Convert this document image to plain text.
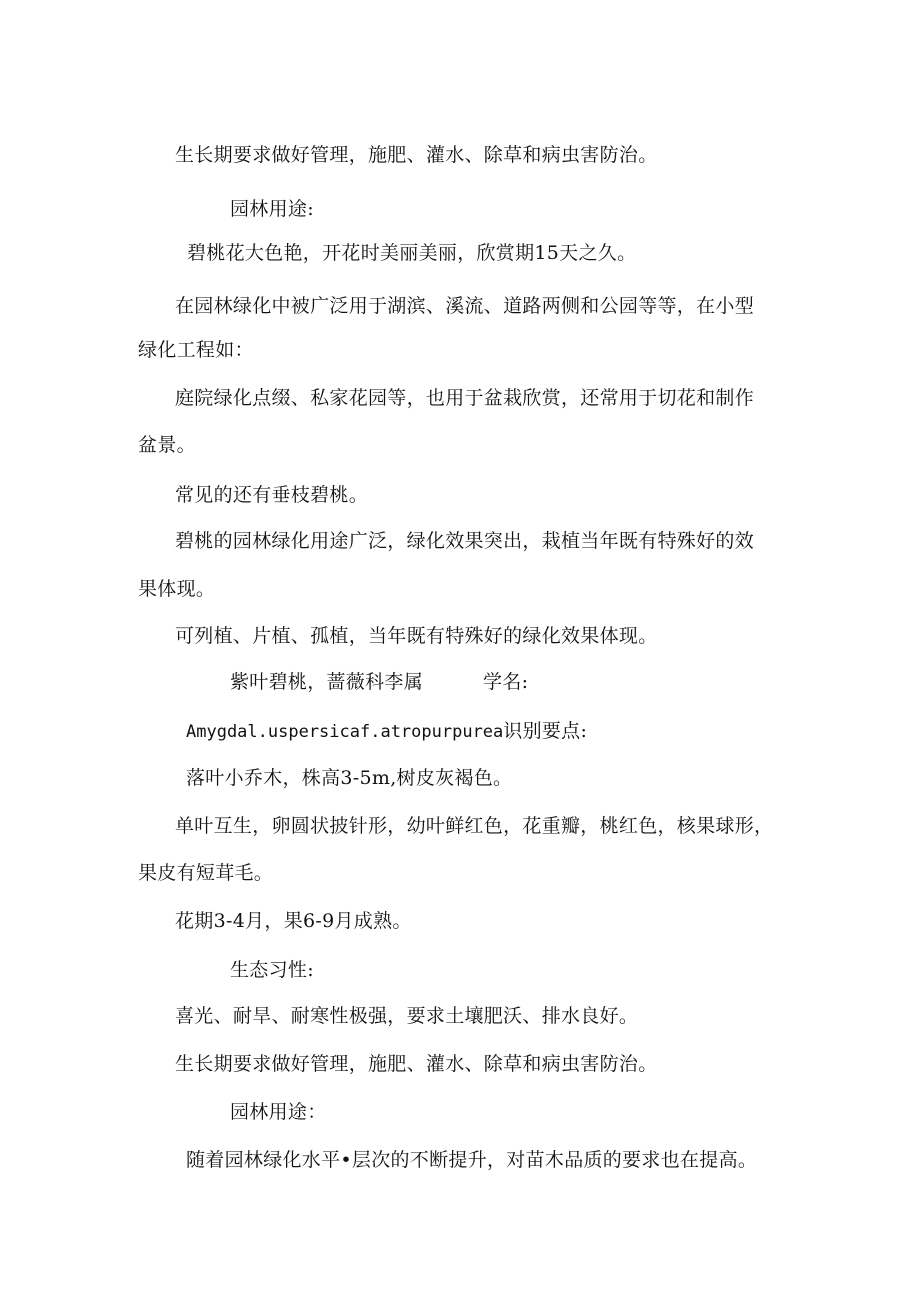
生长期要求做好管理，施肥、灌水、除草和病虫害防治。
园林用途:
碧桃花大色艳，开花时美丽美丽，欣赏期15天之久。
在园林绿化中被广泛用于湖滨、溪流、道路两侧和公园等等，在小型
绿化工程如：
庭院绿化点缀、私家花园等，也用于盆栽欣赏，还常用于切花和制作
盆景。
常见的还有垂枝碧桃。
碧桃的园林绿化用途广泛，绿化效果突出，栽植当年既有特殊好的效
果体现。
可列植、片植、孤植，当年既有特殊好的绿化效果体现。
紫叶碧桃，蔷薇科李属	学名:
Amygdal.uspersicaf.atropurpurea识别要点:
落叶小乔木，株高3-5m,树皮灰褐色。
单叶互生，卵圆状披针形，幼叶鲜红色，花重瓣，桃红色，核果球形，
果皮有短茸毛。
花期3-4月，果6-9月成熟。
生态习性:
喜光、耐旱、耐寒性极强，要求土壤肥沃、排水良好。
生长期要求做好管理，施肥、灌水、除草和病虫害防治。
园林用途：
随着园林绿化水平•层次的不断提升，对苗木品质的要求也在提高。
